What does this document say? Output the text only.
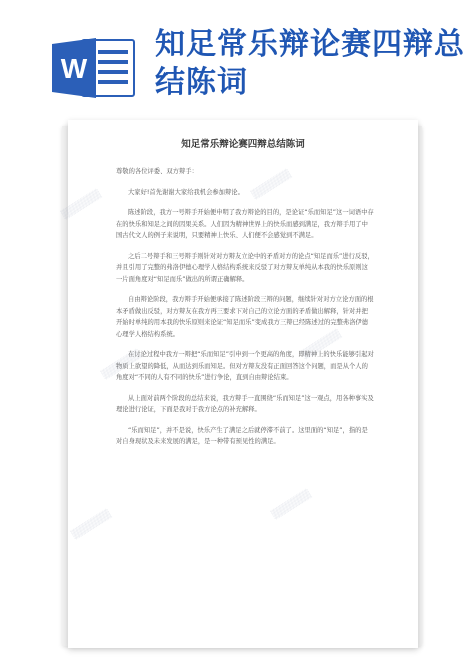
W
知足常乐辩论赛四辩总结陈词
知足常乐辩论赛四辩总结陈词

尊敬的各位评委、双方辩手：

大家好!首先谢谢大家给我机会参加辩论。

陈述阶段，我方一号辩手开始便申明了我方辩论的目的，是论证“乐而知足”这一词语中存在的快乐和知足之间的因果关系。人们因为精神世界上的快乐而感到满足，我方辩手用了中国古代文人的例子来说明，只要精神上快乐、人们便不会感觉到不满足。

之后二号辩手和三号辩手则针对对方辩友立论中的矛盾对方的论点“知足而乐”进行反驳，并且引用了完整的弗洛伊德心理学人格结构系统来反驳了对方辩友单纯从本我的快乐原则这一片面角度对“知足而乐”做出的所谓正确解释。

自由辩论阶段，我方辩手开始便承接了陈述阶段三辩的问题，继续针对对方立论方面的根本矛盾做出反驳，对方辩友在我方再三要求下对自己的立论方面的矛盾做出解释，针对并把开始时单纯的用本我的快乐原则来论证“知足而乐”变成我方三辩已经陈述过的完整弗洛伊德心理学人格结构系统。

在讨论过程中我方一辩把“乐而知足”引申到一个更高的角度，即精神上的快乐能够引起对物质上欲望的降低，从而达到乐而知足。但对方辩友没有正面回答这个问题，而是从个人的角度对“不同的人有不同的快乐”进行争论，直到自由辩论结束。

从上面对前两个阶段的总结来说，我方辩手一直围绕“乐而知足”这一观点，用各种事实及理论进行论证，下面是我对于我方论点的补充解释。

“乐而知足”，并不是说，快乐产生了满足之后就停滞不前了。这里面的“知足”，指的是对自身现状及未来发展的满足，是一种带有预见性的满足。

▒▒▒▒▒▒▒▒
▒▒▒▒▒▒▒▒
▒▒▒▒▒▒▒▒
▒▒▒▒▒▒▒▒
▒▒▒▒▒▒▒▒
▒▒▒▒▒▒▒▒
